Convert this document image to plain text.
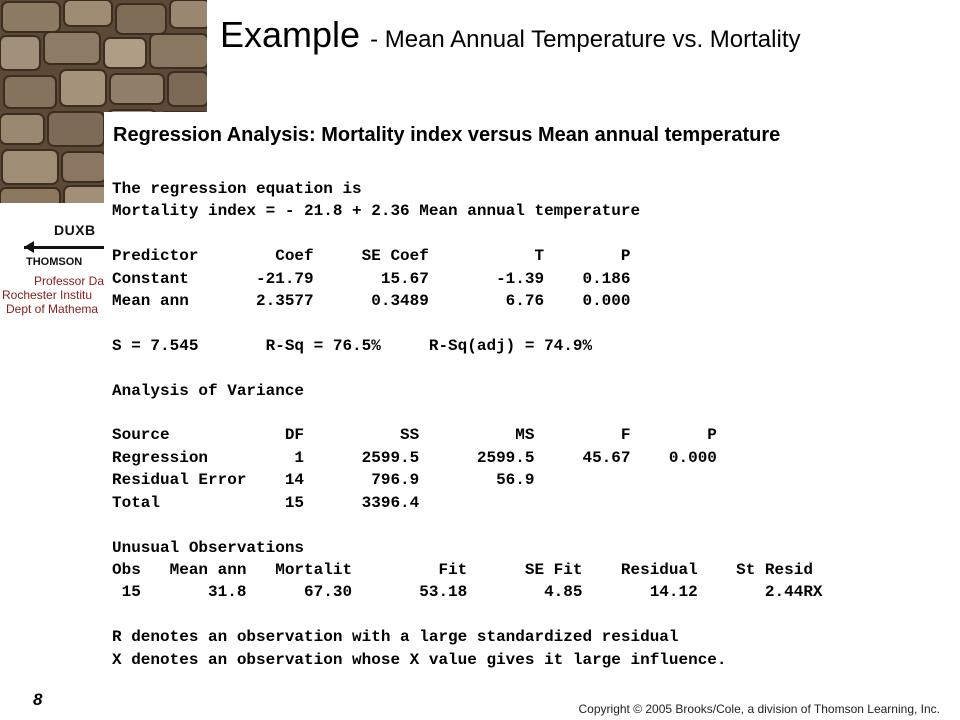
Example - Mean Annual Temperature vs. Mortality
DUXB
THOMSON
Professor Da
Rochester Institu
Dept of Mathema
Regression Analysis: Mortality index versus Mean annual temperature
The regression equation is
Mortality index = - 21.8 + 2.36 Mean annual temperature

Predictor        Coef     SE Coef           T        P
Constant       -21.79       15.67       -1.39    0.186
Mean ann       2.3577      0.3489        6.76    0.000

S = 7.545       R-Sq = 76.5%     R-Sq(adj) = 74.9%

Analysis of Variance

Source            DF          SS          MS         F        P
Regression         1      2599.5      2599.5     45.67    0.000
Residual Error    14       796.9        56.9
Total             15      3396.4

Unusual Observations
Obs   Mean ann   Mortalit         Fit      SE Fit    Residual    St Resid
15       31.8      67.30       53.18        4.85       14.12       2.44RX

R denotes an observation with a large standardized residual
X denotes an observation whose X value gives it large influence.

8	Copyright © 2005 Brooks/Cole, a division of Thomson Learning, Inc.
